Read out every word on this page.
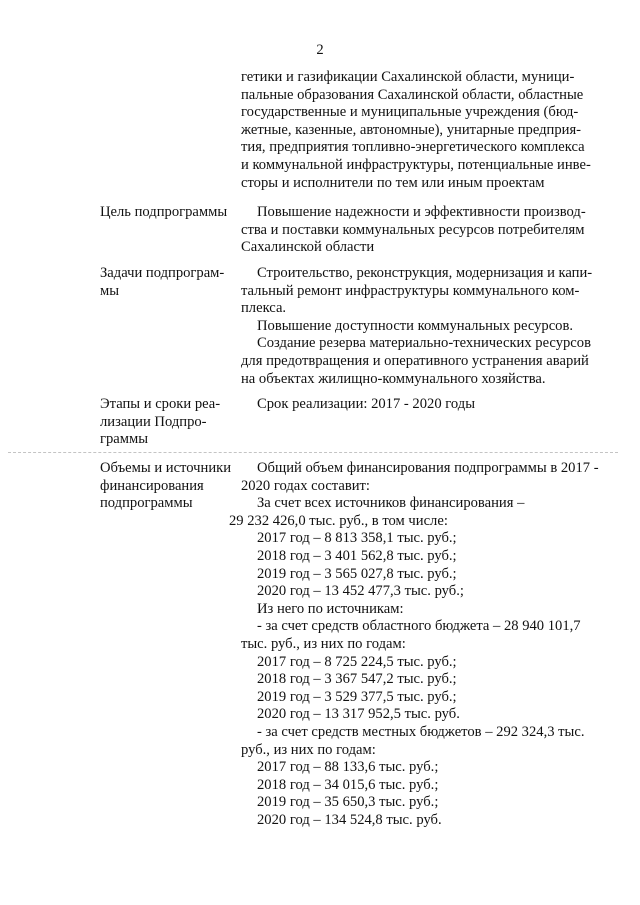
2

гетики и газификации Сахалинской области, муници-

пальные образования Сахалинской области, областные

государственные и муниципальные учреждения (бюд-

жетные, казенные, автономные), унитарные предприя-

тия, предприятия топливно-энергетического комплекса

и коммунальной инфраструктуры, потенциальные инве-

сторы и исполнители по тем или иным проектам

Цель подпрограммы	Повышение надежности и эффективности производ-

ства и поставки коммунальных ресурсов потребителям

Сахалинской области

Задачи подпрограм-мы

Строительство, реконструкция, модернизация и капи-

тальный ремонт инфраструктуры коммунального ком-

плекса.

Повышение доступности коммунальных ресурсов.

Создание резерва материально-технических ресурсов

для предотвращения и оперативного устранения аварий

на объектах жилищно-коммунального хозяйства.

Этапы и сроки реа-лизации Подпро-граммы

Срок реализации: 2017 - 2020 годы

Объемы и источники финансирования подпрограммы

Общий объем финансирования подпрограммы в 2017 -

2020 годах составит:

За счет всех источников финансирования –

29 232 426,0 тыс. руб., в том числе:

2017 год – 8 813 358,1 тыс. руб.;

2018 год – 3 401 562,8 тыс. руб.;

2019 год – 3 565 027,8 тыс. руб.;

2020 год – 13 452 477,3 тыс. руб.;

Из него по источникам:

- за счет средств областного бюджета – 28 940 101,7

тыс. руб., из них по годам:

2017 год – 8 725 224,5 тыс. руб.;

2018 год – 3 367 547,2 тыс. руб.;

2019 год – 3 529 377,5 тыс. руб.;

2020 год – 13 317 952,5 тыс. руб.

- за счет средств местных бюджетов – 292 324,3 тыс.

руб., из них по годам:

2017 год – 88 133,6 тыс. руб.;

2018 год – 34 015,6 тыс. руб.;

2019 год – 35 650,3 тыс. руб.;

2020 год – 134 524,8 тыс. руб.
